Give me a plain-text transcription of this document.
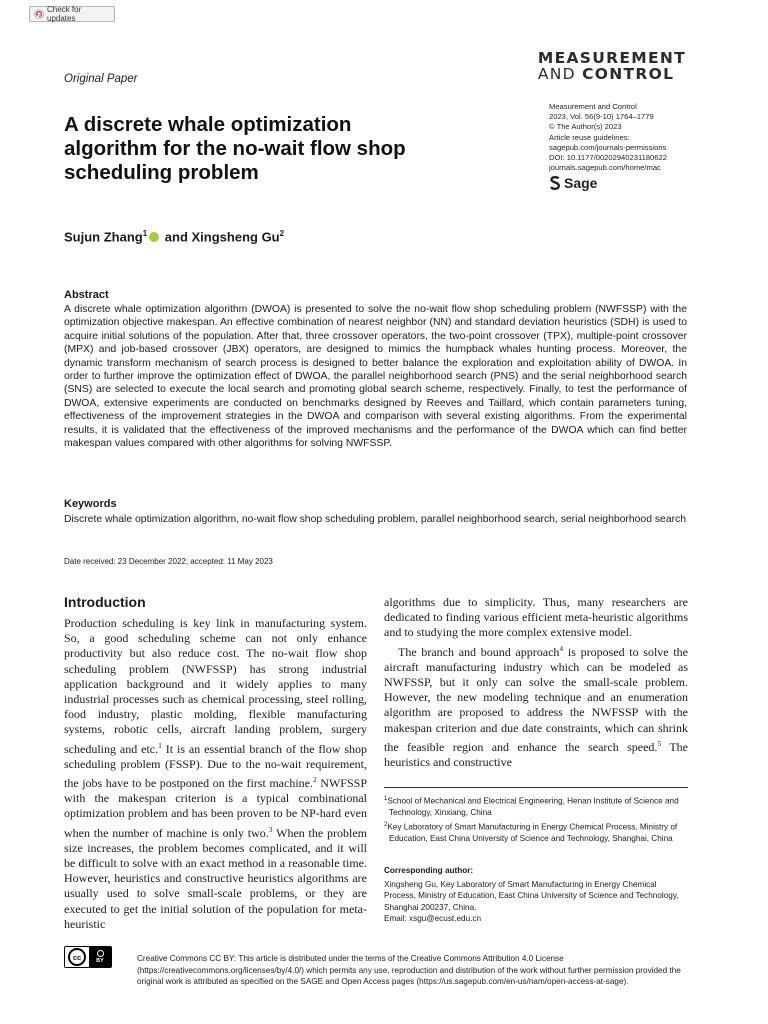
Check for updates
MEASUREMENT
AND CONTROL
Original Paper
Measurement and Control
2023, Vol. 56(9-10) 1764–1779
© The Author(s) 2023
Article reuse guidelines:
sagepub.com/journals-permissions
DOI: 10.1177/00202940231180622
journals.sagepub.com/home/mac
Sage
A discrete whale optimization algorithm for the no-wait flow shop scheduling problem
Sujun Zhang$^1$ and Xingsheng Gu$^2$
Abstract

A discrete whale optimization algorithm (DWOA) is presented to solve the no-wait flow shop scheduling problem (NWFSSP) with the optimization objective makespan. An effective combination of nearest neighbor (NN) and standard deviation heuristics (SDH) is used to acquire initial solutions of the population. After that, three crossover operators, the two-point crossover (TPX), multiple-point crossover (MPX) and job-based crossover (JBX) operators, are designed to mimics the humpback whales hunting process. Moreover, the dynamic transform mechanism of search process is designed to better balance the exploration and exploitation ability of DWOA. In order to further improve the optimization effect of DWOA, the parallel neighborhood search (PNS) and the serial neighborhood search (SNS) are selected to execute the local search and promoting global search scheme, respectively. Finally, to test the performance of DWOA, extensive experiments are conducted on benchmarks designed by Reeves and Taillard, which contain parameters tuning, effectiveness of the improvement strategies in the DWOA and comparison with several existing algorithms. From the experimental results, it is validated that the effectiveness of the improved mechanisms and the performance of the DWOA which can find better makespan values compared with other algorithms for solving NWFSSP.

Keywords

Discrete whale optimization algorithm, no-wait flow shop scheduling problem, parallel neighborhood search, serial neighborhood search

Date received: 23 December 2022; accepted: 11 May 2023
Introduction

Production scheduling is key link in manufacturing system. So, a good scheduling scheme can not only enhance productivity but also reduce cost. The no-wait flow shop scheduling problem (NWFSSP) has strong industrial application background and it widely applies to many industrial processes such as chemical processing, steel rolling, food industry, plastic molding, flexible manufacturing systems, robotic cells, aircraft landing problem, surgery scheduling and etc.$^1$ It is an essential branch of the flow shop scheduling problem (FSSP). Due to the no-wait requirement, the jobs have to be postponed on the first machine.$^2$ NWFSSP with the makespan criterion is a typical combinational optimization problem and has been proven to be NP-hard even when the number of machine is only two.$^3$ When the problem size increases, the problem becomes complicated, and it will be difficult to solve with an exact method in a reasonable time. However, heuristics and constructive heuristics algorithms are usually used to solve small-scale problems, or they are executed to get the initial solution of the population for meta-heuristic

algorithms due to simplicity. Thus, many researchers are dedicated to finding various efficient meta-heuristic algorithms and to studying the more complex extensive model.

The branch and bound approach$^4$ is proposed to solve the aircraft manufacturing industry which can be modeled as NWFSSP, but it only can solve the small-scale problem. However, the new modeling technique and an enumeration algorithm are proposed to address the NWFSSP with the makespan criterion and due date constraints, which can shrink the feasible region and enhance the search speed.$^5$ The heuristics and constructive

$^1$School of Mechanical and Electrical Engineering, Henan Institute of Science and Technology, Xinxiang, China
$^2$Key Laboratory of Smart Manufacturing in Energy Chemical Process, Ministry of Education, East China University of Science and Technology, Shanghai, China
Corresponding author:
Xingsheng Gu, Key Laboratory of Smart Manufacturing in Energy Chemical Process, Ministry of Education, East China University of Science and Technology, Shanghai 200237, China.
Email: xsgu@ecust.edu.cn
cc	BY	Creative Commons CC BY: This article is distributed under the terms of the Creative Commons Attribution 4.0 License (https://creativecommons.org/licenses/by/4.0/) which permits any use, reproduction and distribution of the work without further permission provided the original work is attributed as specified on the SAGE and Open Access pages (https://us.sagepub.com/en-us/nam/open-access-at-sage).
